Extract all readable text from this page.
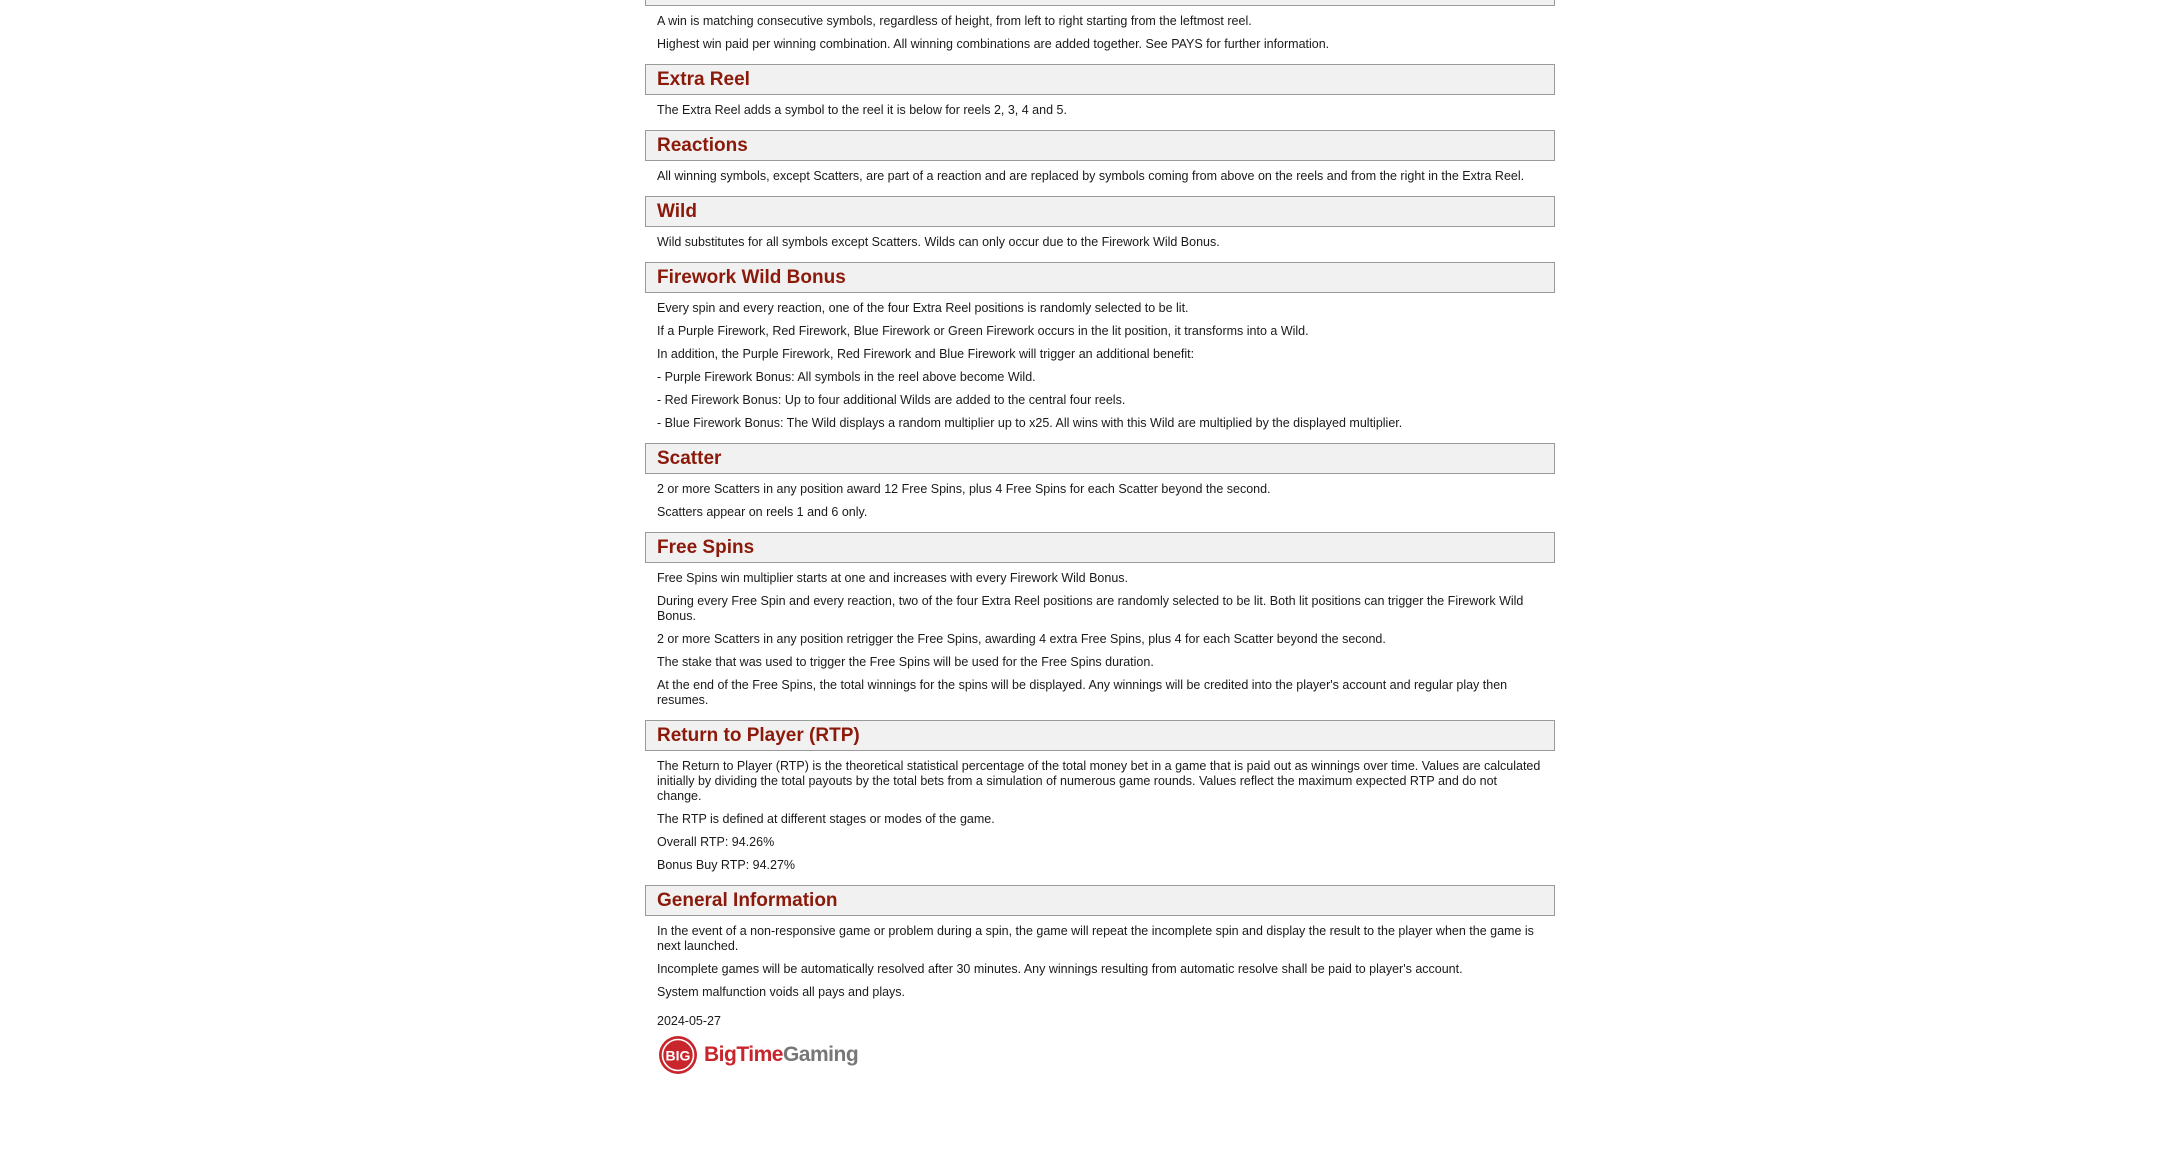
A win is matching consecutive symbols, regardless of height, from left to right starting from the leftmost reel.

Highest win paid per winning combination. All winning combinations are added together. See PAYS for further information.

Extra Reel

The Extra Reel adds a symbol to the reel it is below for reels 2, 3, 4 and 5.

Reactions

All winning symbols, except Scatters, are part of a reaction and are replaced by symbols coming from above on the reels and from the right in the Extra Reel.

Wild

Wild substitutes for all symbols except Scatters. Wilds can only occur due to the Firework Wild Bonus.

Firework Wild Bonus

Every spin and every reaction, one of the four Extra Reel positions is randomly selected to be lit.

If a Purple Firework, Red Firework, Blue Firework or Green Firework occurs in the lit position, it transforms into a Wild.

In addition, the Purple Firework, Red Firework and Blue Firework will trigger an additional benefit:

- Purple Firework Bonus: All symbols in the reel above become Wild.

- Red Firework Bonus: Up to four additional Wilds are added to the central four reels.

- Blue Firework Bonus: The Wild displays a random multiplier up to x25. All wins with this Wild are multiplied by the displayed multiplier.

Scatter

2 or more Scatters in any position award 12 Free Spins, plus 4 Free Spins for each Scatter beyond the second.

Scatters appear on reels 1 and 6 only.

Free Spins

Free Spins win multiplier starts at one and increases with every Firework Wild Bonus.

During every Free Spin and every reaction, two of the four Extra Reel positions are randomly selected to be lit. Both lit positions can trigger the Firework Wild Bonus.

2 or more Scatters in any position retrigger the Free Spins, awarding 4 extra Free Spins, plus 4 for each Scatter beyond the second.

The stake that was used to trigger the Free Spins will be used for the Free Spins duration.

At the end of the Free Spins, the total winnings for the spins will be displayed. Any winnings will be credited into the player's account and regular play then resumes.

Return to Player (RTP)

The Return to Player (RTP) is the theoretical statistical percentage of the total money bet in a game that is paid out as winnings over time. Values are calculated initially by dividing the total payouts by the total bets from a simulation of numerous game rounds. Values reflect the maximum expected RTP and do not change.

The RTP is defined at different stages or modes of the game.

Overall RTP: 94.26%

Bonus Buy RTP: 94.27%

General Information

In the event of a non-responsive game or problem during a spin, the game will repeat the incomplete spin and display the result to the player when the game is next launched.

Incomplete games will be automatically resolved after 30 minutes. Any winnings resulting from automatic resolve shall be paid to player's account.

System malfunction voids all pays and plays.

2024-05-27

BIG BigTimeGaming
